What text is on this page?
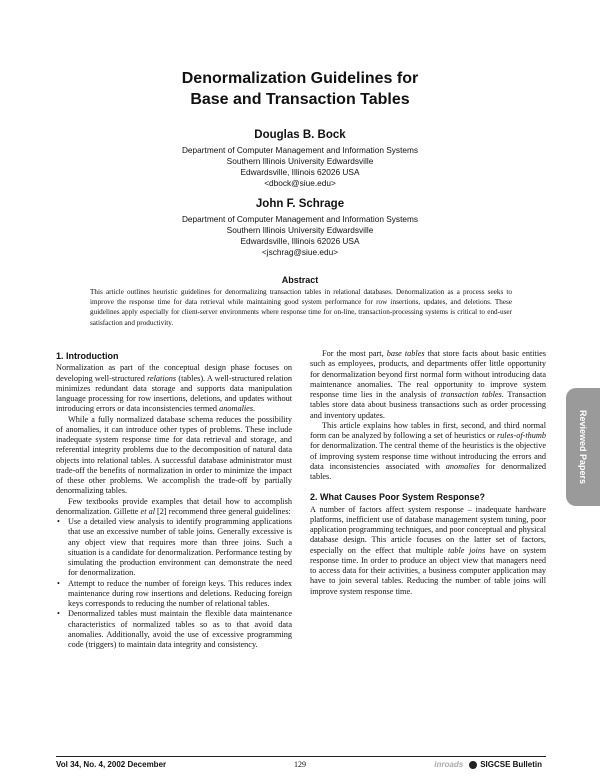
Denormalization Guidelines for
Base and Transaction Tables
Douglas B. Bock
Department of Computer Management and Information Systems
Southern Illinois University Edwardsville
Edwardsville, Illinois 62026 USA
<dbock@siue.edu>
John F. Schrage
Department of Computer Management and Information Systems
Southern Illinois University Edwardsville
Edwardsville, Illinois 62026 USA
<jschrag@siue.edu>
Abstract
This article outlines heuristic guidelines for denormalizing transaction tables in relational databases. Denormalization as a process seeks to improve the response time for data retrieval while maintaining good system performance for row insertions, updates, and deletions. These guidelines apply especially for client-server environments where response time for on-line, transaction-processing systems is critical to end-user satisfaction and productivity.
1. Introduction

Normalization as part of the conceptual design phase focuses on developing well-structured relations (tables). A well-structured relation minimizes redundant data storage and supports data manipulation language processing for row insertions, deletions, and updates without introducing errors or data inconsistencies termed anomalies.

While a fully normalized database schema reduces the possibility of anomalies, it can introduce other types of problems. These include inadequate system response time for data retrieval and storage, and referential integrity problems due to the decomposition of natural data objects into relational tables. A successful database administrator must trade-off the benefits of normalization in order to minimize the impact of these other problems. We accomplish the trade-off by partially denormalizing tables.

Few textbooks provide examples that detail how to accomplish denormalization. Gillette et al [2] recommend three general guidelines:

• Use a detailed view analysis to identify programming applications that use an excessive number of table joins. Generally excessive is any object view that requires more than three joins. Such a situation is a candidate for denormalization. Performance testing by simulating the production environment can demonstrate the need for denormalization.
• Attempt to reduce the number of foreign keys. This reduces index maintenance during row insertions and deletions. Reducing foreign keys corresponds to reducing the number of relational tables.
• Denormalized tables must maintain the flexible data maintenance characteristics of normalized tables so as to that avoid data anomalies. Additionally, avoid the use of excessive programming code (triggers) to maintain data integrity and consistency.

For the most part, base tables that store facts about basic entities such as employees, products, and departments offer little opportunity for denormalization beyond first normal form without introducing data maintenance anomalies. The real opportunity to improve system response time lies in the analysis of transaction tables. Transaction tables store data about business transactions such as order processing and inventory updates.

This article explains how tables in first, second, and third normal form can be analyzed by following a set of heuristics or rules-of-thumb for denormalization. The central theme of the heuristics is the objective of improving system response time without introducing the errors and data inconsistencies associated with anomalies for denormalized tables.

2. What Causes Poor System Response?

A number of factors affect system response – inadequate hardware platforms, inefficient use of database management system tuning, poor application programming techniques, and poor conceptual and physical database design. This article focuses on the latter set of factors, especially on the effect that multiple table joins have on system response time. In order to produce an object view that managers need to access data for their activities, a business computer application may have to join several tables. Reducing the number of table joins will improve system response time.

Reviewed Papers
Vol 34, No. 4, 2002 December	129	inroads SIGCSE Bulletin
